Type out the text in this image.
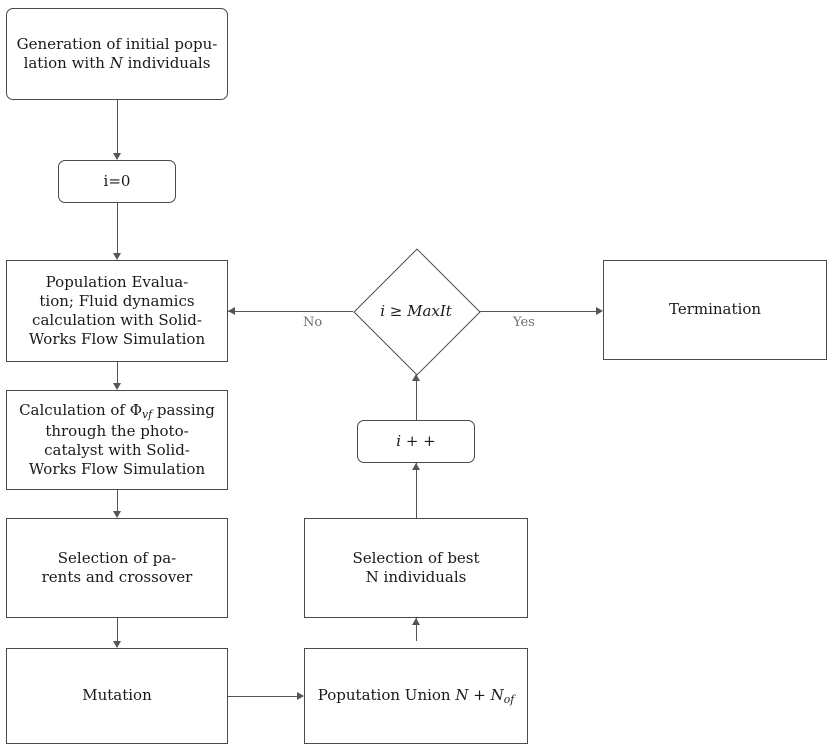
Generation of initial popu-
lation with N individuals
i=0
Population Evalua-
tion; Fluid dynamics
calculation with Solid-
Works Flow Simulation
Calculation of $\Phi_{vf}$ passing
through the photo-
catalyst with Solid-
Works Flow Simulation
Selection of pa-
rents and crossover
Mutation	Poputation Union $N + N_{of}$
Selection of best
N individuals
i + +
i ≥ MaxIt	Termination
No	Yes
